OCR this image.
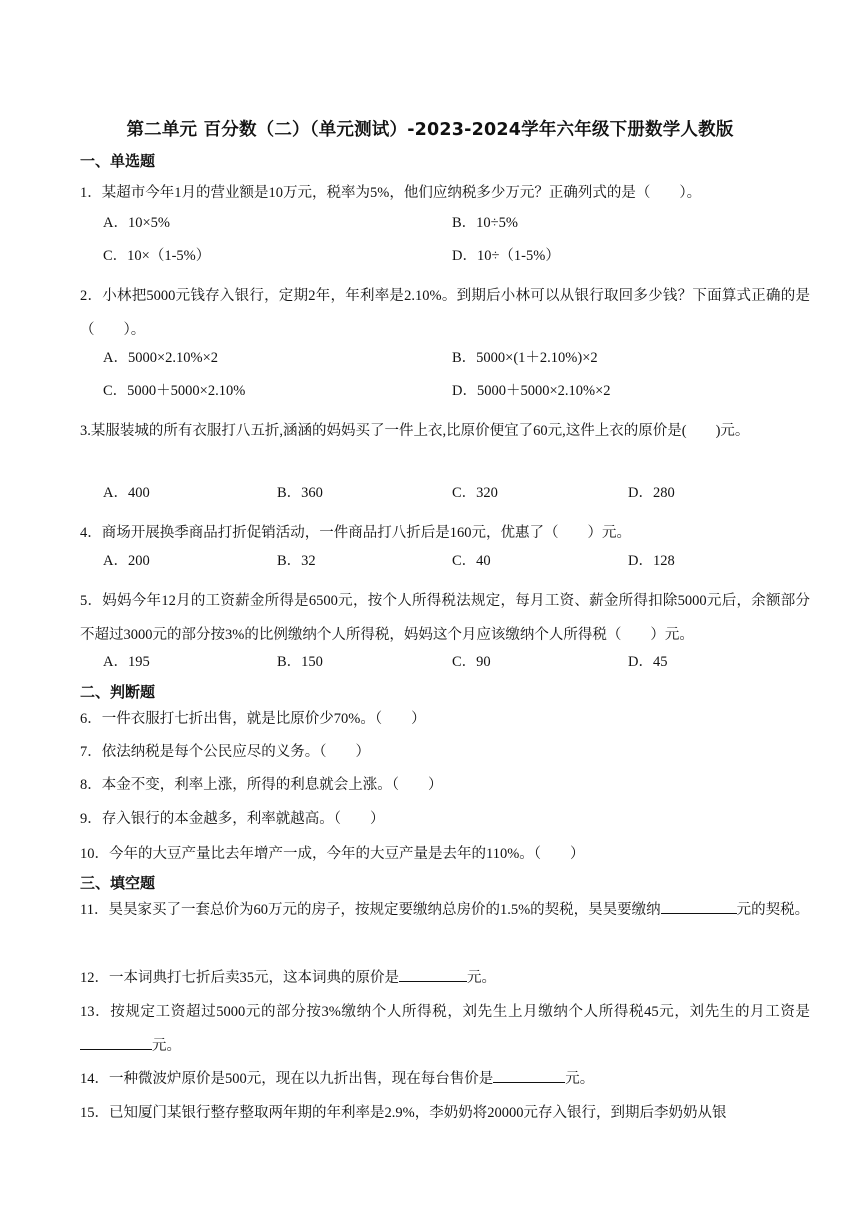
第二单元 百分数（二）（单元测试）-2023-2024学年六年级下册数学人教版
一、单选题
1．某超市今年1月的营业额是10万元，税率为5%，他们应纳税多少万元？正确列式的是（　　）。
A．10×5%	B．10÷5%
C．10×（1-5%）	D．10÷（1-5%）
2．小林把5000元钱存入银行，定期2年，年利率是2.10%。到期后小林可以从银行取回多少钱？下面算式正确的是（　　）。
A．5000×2.10%×2	B．5000×(1＋2.10%)×2
C．5000＋5000×2.10%	D．5000＋5000×2.10%×2
3.某服装城的所有衣服打八五折,涵涵的妈妈买了一件上衣,比原价便宜了60元,这件上衣的原价是(　　)元。
A．400	B．360	C．320	D．280
4．商场开展换季商品打折促销活动，一件商品打八折后是160元，优惠了（　　）元。
A．200	B．32	C．40	D．128
5．妈妈今年12月的工资薪金所得是6500元，按个人所得税法规定，每月工资、薪金所得扣除5000元后，余额部分不超过3000元的部分按3%的比例缴纳个人所得税，妈妈这个月应该缴纳个人所得税（　　）元。
A．195	B．150	C．90	D．45
二、判断题
6．一件衣服打七折出售，就是比原价少70%。（　　）
7．依法纳税是每个公民应尽的义务。（　　）
8．本金不变，利率上涨，所得的利息就会上涨。（　　）
9．存入银行的本金越多，利率就越高。（　　）
10．今年的大豆产量比去年增产一成，今年的大豆产量是去年的110%。（　　）
三、填空题
11．昊昊家买了一套总价为60万元的房子，按规定要缴纳总房价的1.5%的契税，昊昊要缴纳	元的契税。
12．一本词典打七折后卖35元，这本词典的原价是	元。
13．按规定工资超过5000元的部分按3%缴纳个人所得税，刘先生上月缴纳个人所得税45元，刘先生的月工资是元。
14．一种微波炉原价是500元，现在以九折出售，现在每台售价是	元。
15．已知厦门某银行整存整取两年期的年利率是2.9%，李奶奶将20000元存入银行，到期后李奶奶从银
